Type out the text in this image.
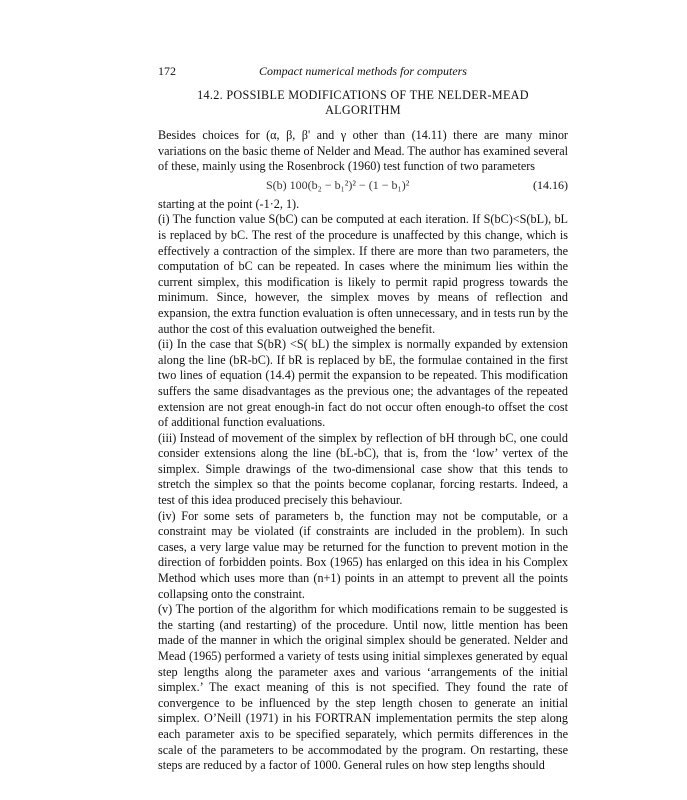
172	Compact numerical methods for computers
14.2. POSSIBLE MODIFICATIONS OF THE NELDER-MEAD
ALGORITHM

Besides choices for (α, β, β' and γ other than (14.11) there are many minor variations on the basic theme of Nelder and Mead. The author has examined several of these, mainly using the Rosenbrock (1960) test function of two parameters

S(b) 100(b₂ − b₁²)² − (1 − b₁)²	(14.16)

starting at the point (-1·2, 1).

(i) The function value S(bC) can be computed at each iteration. If S(bC)<S(bL), bL is replaced by bC. The rest of the procedure is unaffected by this change, which is effectively a contraction of the simplex. If there are more than two parameters, the computation of bC can be repeated. In cases where the minimum lies within the current simplex, this modification is likely to permit rapid progress towards the minimum. Since, however, the simplex moves by means of reflection and expansion, the extra function evaluation is often unnecessary, and in tests run by the author the cost of this evaluation outweighed the benefit.

(ii) In the case that S(bR) <S( bL) the simplex is normally expanded by extension along the line (bR-bC). If bR is replaced by bE, the formulae contained in the first two lines of equation (14.4) permit the expansion to be repeated. This modification suffers the same disadvantages as the previous one; the advantages of the repeated extension are not great enough-in fact do not occur often enough-to offset the cost of additional function evaluations.

(iii) Instead of movement of the simplex by reflection of bH through bC, one could consider extensions along the line (bL-bC), that is, from the ‘low’ vertex of the simplex. Simple drawings of the two-dimensional case show that this tends to stretch the simplex so that the points become coplanar, forcing restarts. Indeed, a test of this idea produced precisely this behaviour.

(iv) For some sets of parameters b, the function may not be computable, or a constraint may be violated (if constraints are included in the problem). In such cases, a very large value may be returned for the function to prevent motion in the direction of forbidden points. Box (1965) has enlarged on this idea in his Complex Method which uses more than (n+1) points in an attempt to prevent all the points collapsing onto the constraint.

(v) The portion of the algorithm for which modifications remain to be suggested is the starting (and restarting) of the procedure. Until now, little mention has been made of the manner in which the original simplex should be generated. Nelder and Mead (1965) performed a variety of tests using initial simplexes generated by equal step lengths along the parameter axes and various ‘arrangements of the initial simplex.’ The exact meaning of this is not specified. They found the rate of convergence to be influenced by the step length chosen to generate an initial simplex. O’Neill (1971) in his FORTRAN implementation permits the step along each parameter axis to be specified separately, which permits differences in the scale of the parameters to be accommodated by the program. On restarting, these steps are reduced by a factor of 1000. General rules on how step lengths should
